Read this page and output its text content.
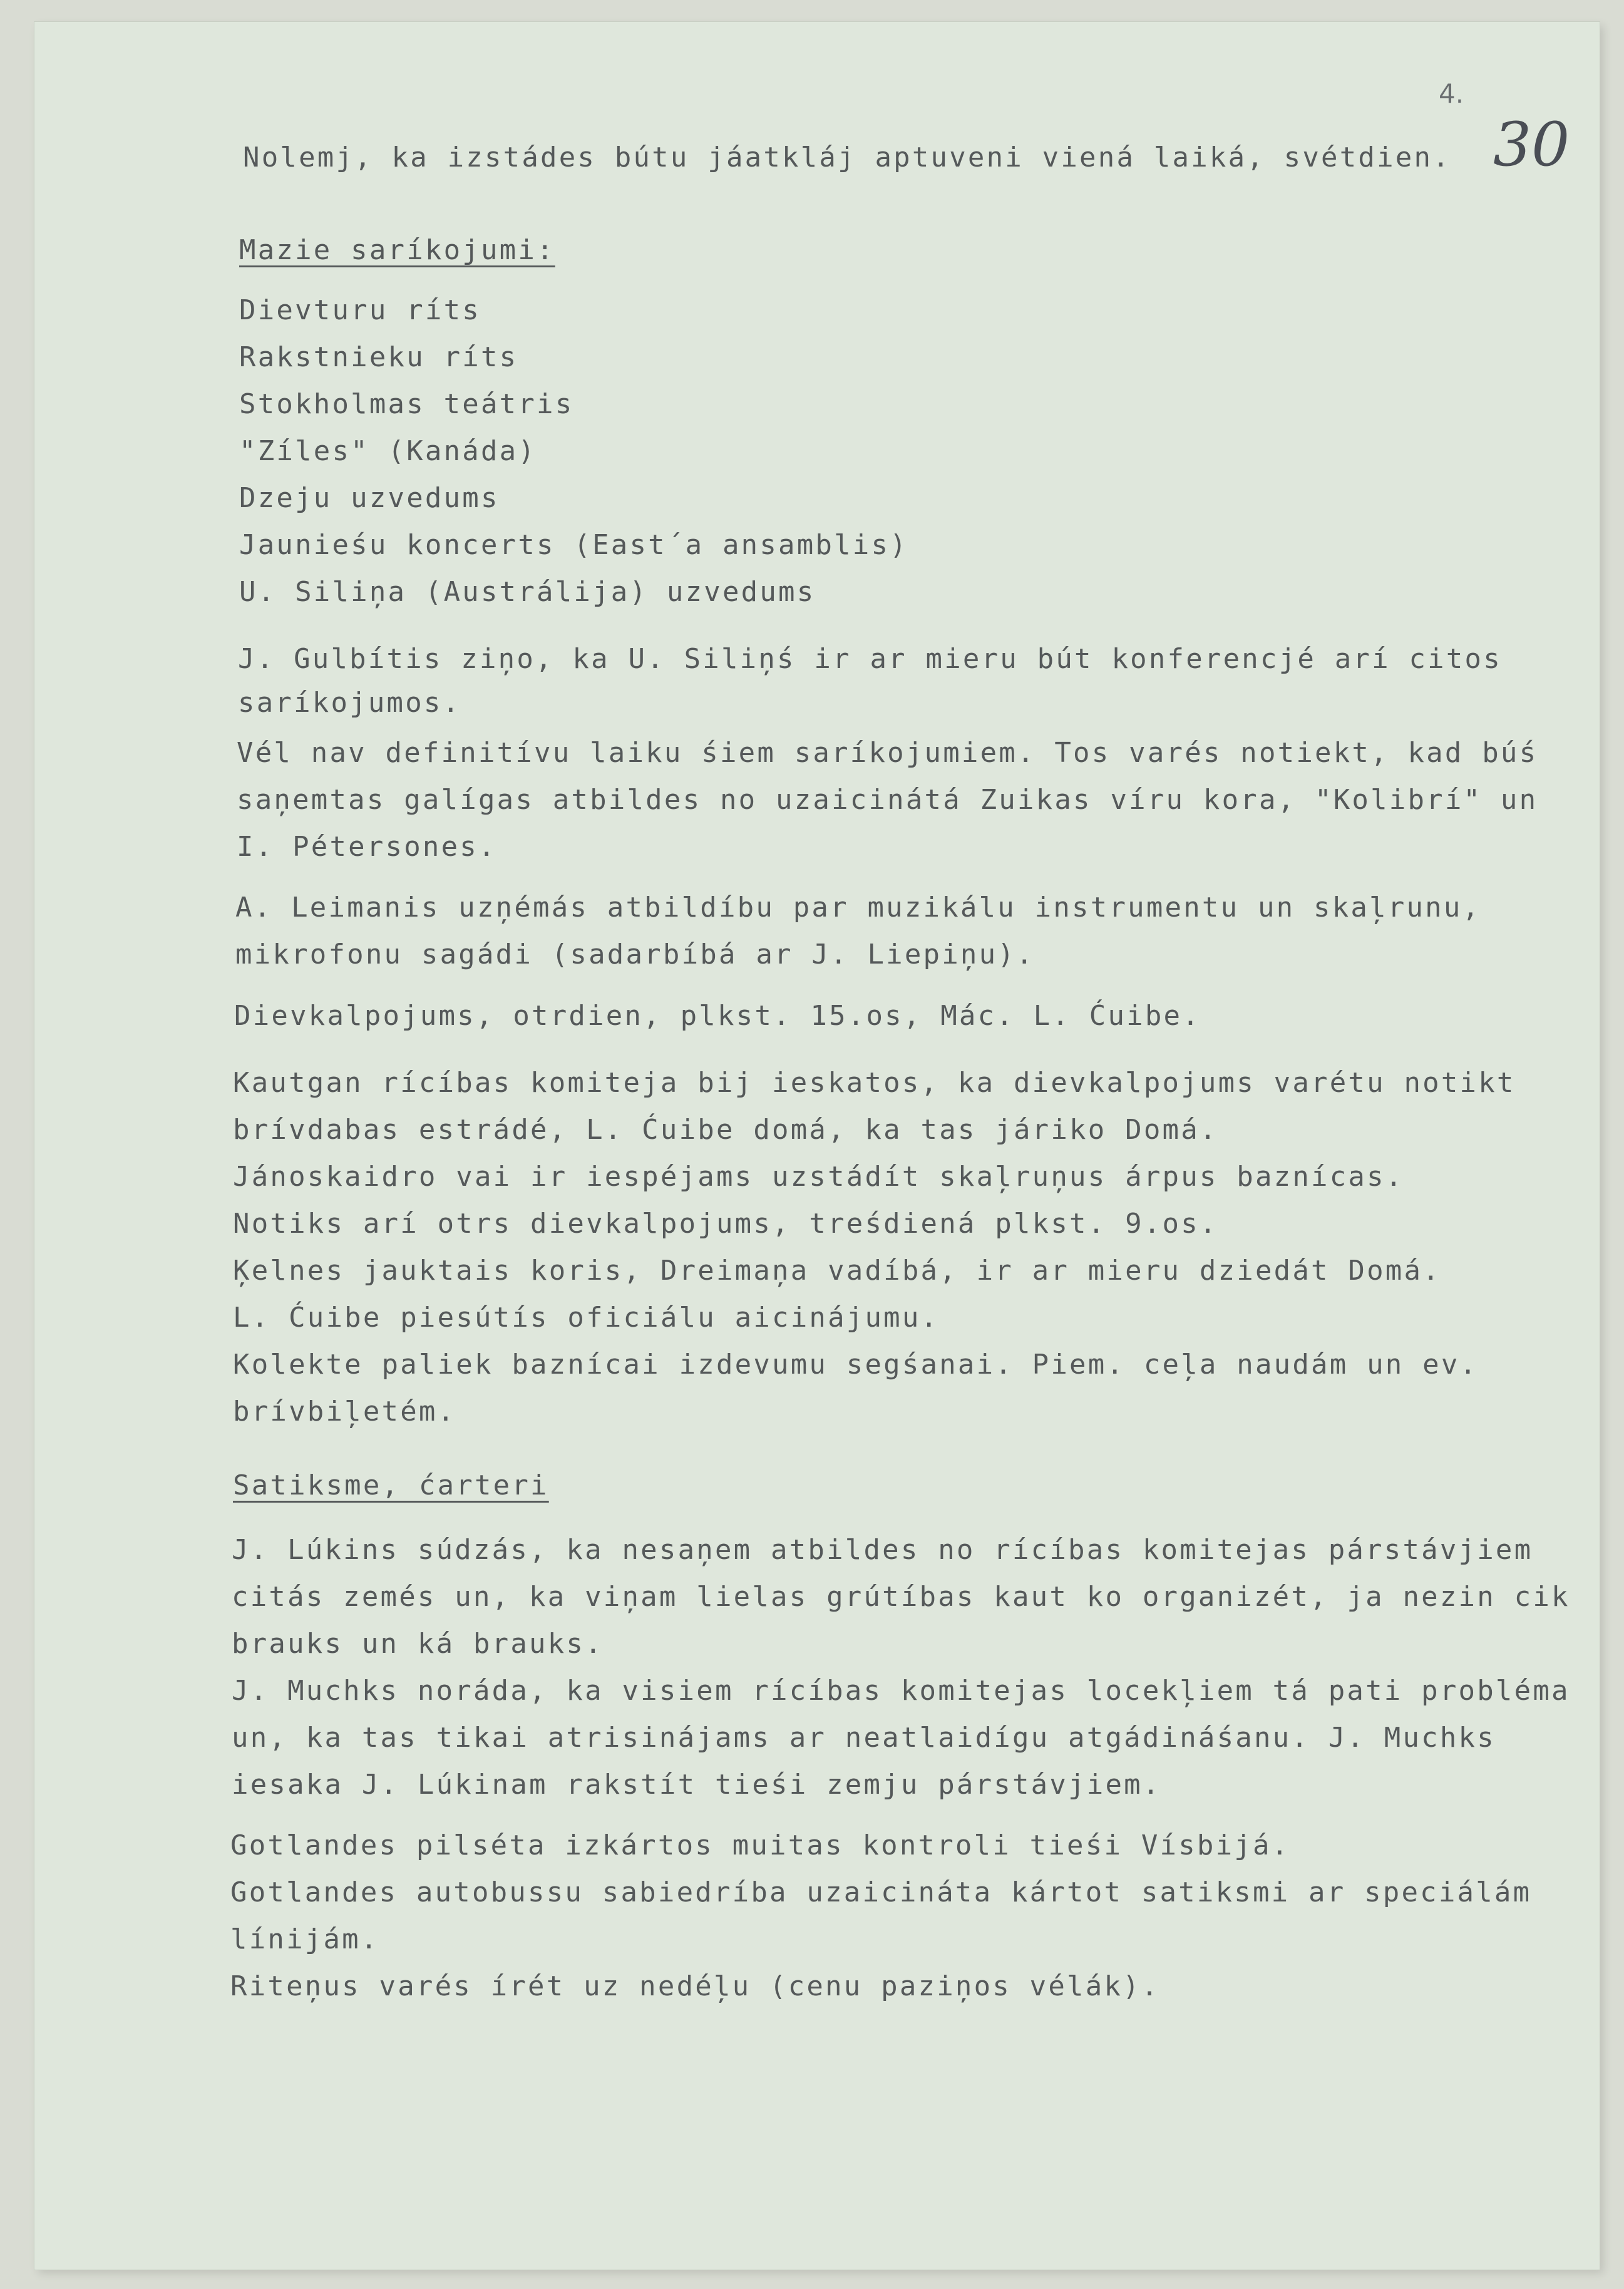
4.
30
Nolemj, ka izstádes bútu jáatkláj aptuveni viená laiká, svétdien.
Mazie saríkojumi:
Dievturu ríts
Rakstnieku ríts
Stokholmas teátris
"Zíles" (Kanáda)
Dzeju uzvedums
Jaunieśu koncerts (East´a ansamblis)
U. Siliņa (Austrálija) uzvedums
J. Gulbítis ziņo, ka U. Siliņś ir ar mieru bút konferencjé arí citos
saríkojumos.
Vél nav definitívu laiku śiem saríkojumiem. Tos varés notiekt, kad búś
saņemtas galígas atbildes no uzaicinátá Zuikas víru kora, "Kolibrí" un
I. Pétersones.
A. Leimanis uzņémás atbildíbu par muzikálu instrumentu un skaļrunu,
mikrofonu sagádi (sadarbíbá ar J. Liepiņu).
Dievkalpojums, otrdien, plkst. 15.os, Mác. L. Ćuibe.
Kautgan rícíbas komiteja bij ieskatos, ka dievkalpojums varétu notikt
brívdabas estrádé, L. Ćuibe domá, ka tas járiko Domá.
Jánoskaidro vai ir iespéjams uzstádít skaļruņus árpus baznícas.
Notiks arí otrs dievkalpojums, treśdiená plkst. 9.os.
Ķelnes jauktais koris, Dreimaņa vadíbá, ir ar mieru dziedát Domá.
L. Ćuibe piesútís oficiálu aicinájumu.
Kolekte paliek baznícai izdevumu segśanai. Piem. ceļa naudám un ev.
brívbiļetém.
Satiksme, ćarteri
J. Lúkins súdzás, ka nesaņem atbildes no rícíbas komitejas párstávjiem
citás zemés un, ka viņam lielas grútíbas kaut ko organizét, ja nezin cik
brauks un ká brauks.
J. Muchks noráda, ka visiem rícíbas komitejas locekļiem tá pati probléma
un, ka tas tikai atrisinájams ar neatlaidígu atgádináśanu. J. Muchks
iesaka J. Lúkinam rakstít tieśi zemju párstávjiem.
Gotlandes pilséta izkártos muitas kontroli tieśi Vísbijá.
Gotlandes autobussu sabiedríba uzaicináta kártot satiksmi ar speciálám
línijám.
Riteņus varés írét uz nedéļu (cenu paziņos vélák).
